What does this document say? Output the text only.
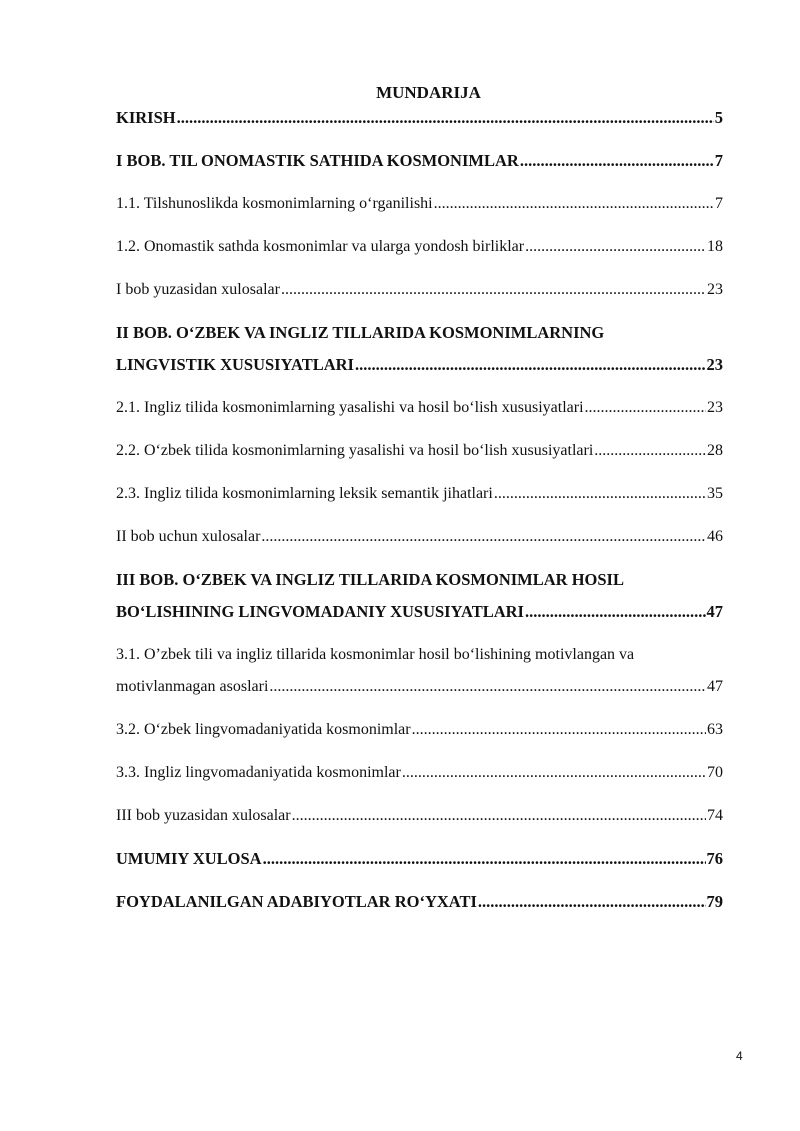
MUNDARIJA
KIRISH .....	5
I BOB. TIL ONOMASTIK SATHIDA KOSMONIMLAR .....	7
1.1. Tilshunoslikda kosmonimlarning o‘rganilishi .....	7
1.2. Onomastik sathda kosmonimlar va ularga yondosh birliklar .....	18
I bob yuzasidan xulosalar .....	23
II BOB. O‘ZBEK VA INGLIZ TILLARIDA KOSMONIMLARNING
LINGVISTIK XUSUSIYATLARI .....	23
2.1. Ingliz tilida kosmonimlarning yasalishi va hosil bo‘lish xususiyatlari .....	23
2.2. O‘zbek tilida kosmonimlarning yasalishi va hosil bo‘lish xususiyatlari .....	28
2.3. Ingliz tilida kosmonimlarning leksik semantik jihatlari .....	35
II bob uchun xulosalar .....	46
III BOB. O‘ZBEK VA INGLIZ TILLARIDA KOSMONIMLAR HOSIL
BO‘LISHINING LINGVOMADANIY XUSUSIYATLARI .....	47
3.1. O’zbek tili va ingliz tillarida kosmonimlar hosil bo‘lishining motivlangan va
motivlanmagan asoslari .....	47
3.2. O‘zbek lingvomadaniyatida kosmonimlar .....	63
3.3. Ingliz lingvomadaniyatida kosmonimlar .....	70
III bob yuzasidan xulosalar .....	74
UMUMIY XULOSA .....	76
FOYDALANILGAN ADABIYOTLAR RO‘YXATI .....	79
4
